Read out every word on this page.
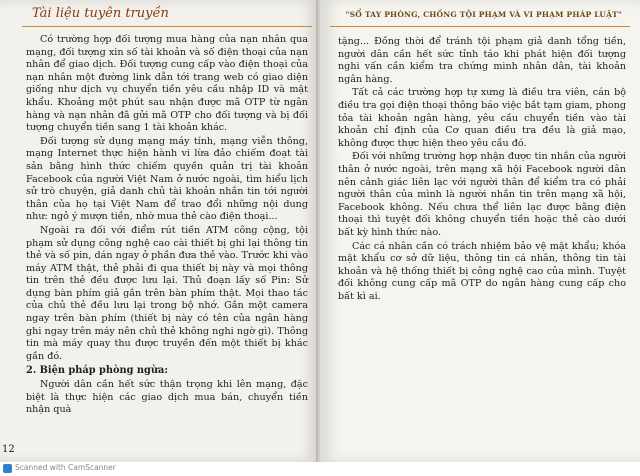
Tài liệu tuyên truyền

Có trường hợp đối tượng mua hàng của nạn nhân qua mạng, đối tượng xin số tài khoản và số điện thoại của nạn nhân để giao dịch. Đối tượng cung cấp vào điện thoại của nạn nhân một đường link dẫn tới trang web có giao diện giống như dịch vụ chuyển tiền yêu cầu nhập ID và mật khẩu. Khoảng một phút sau nhận được mã OTP từ ngân hàng và nạn nhân đã gửi mã OTP cho đối tượng và bị đối tượng chuyển tiền sang 1 tài khoản khác.

Đối tượng sử dụng mạng máy tính, mạng viễn thông, mạng Internet thực hiện hành vi lừa đảo chiếm đoạt tài sản bằng hình thức chiếm quyền quản trị tài khoản Facebook của người Việt Nam ở nước ngoài, tìm hiểu lịch sử trò chuyện, giả danh chủ tài khoản nhắn tin tới người thân của họ tại Việt Nam để trao đổi những nội dung như: ngỏ ý mượn tiền, nhờ mua thẻ cào điện thoại...

Ngoài ra đối với điểm rút tiền ATM công cộng, tội phạm sử dụng công nghệ cao cài thiết bị ghi lại thông tin thẻ và số pin, dán ngay ở phần đưa thẻ vào. Trước khi vào máy ATM thật, thẻ phải đi qua thiết bị này và mọi thông tin trên thẻ đều được lưu lại. Thủ đoạn lấy số Pin: Sử dụng bàn phím giả gắn trên bàn phím thật. Mọi thao tác của chủ thẻ đều lưu lại trong bộ nhớ. Gắn một camera ngay trên bàn phím (thiết bị này có tên của ngân hàng ghi ngay trên máy nên chủ thẻ không nghi ngờ gì). Thông tin mà máy quay thu được truyền đến một thiết bị khác gần đó.

2. Biện pháp phòng ngừa:

Người dân cần hết sức thận trọng khi lên mạng, đặc biệt là thực hiện các giao dịch mua bán, chuyển tiền nhận quà

12
"SỔ TAY PHÒNG, CHỐNG TỘI PHẠM VÀ VI PHẠM PHÁP LUẬT"

tặng... Đồng thời để tránh tội phạm giả danh tổng tiền, người dân cần hết sức tỉnh táo khi phát hiện đối tượng nghi vấn cần kiểm tra chứng minh nhân dân, tài khoản ngân hàng.

Tất cả các trường hợp tự xưng là điều tra viên, cán bộ điều tra gọi điện thoại thông báo việc bắt tạm giam, phong tỏa tài khoản ngân hàng, yêu cầu chuyển tiền vào tài khoản chỉ định của Cơ quan điều tra đều là giả mạo, không được thực hiện theo yêu cầu đó.

Đối với những trường hợp nhận được tin nhắn của người thân ở nước ngoài, trên mạng xã hội Facebook người dân nên cảnh giác liên lạc với người thân để kiểm tra có phải người thân của mình là người nhắn tin trên mạng xã hội, Facebook không. Nếu chưa thể liên lạc được bằng điện thoại thì tuyệt đối không chuyển tiền hoặc thẻ cào dưới bất kỳ hình thức nào.

Các cá nhân cần có trách nhiệm bảo vệ mật khẩu; khóa mật khẩu cơ sở dữ liệu, thông tin cá nhân, thông tin tài khoản và hệ thống thiết bị công nghệ cao của mình. Tuyệt đối không cung cấp mã OTP do ngân hàng cung cấp cho bất kì ai.

Scanned with CamScanner
